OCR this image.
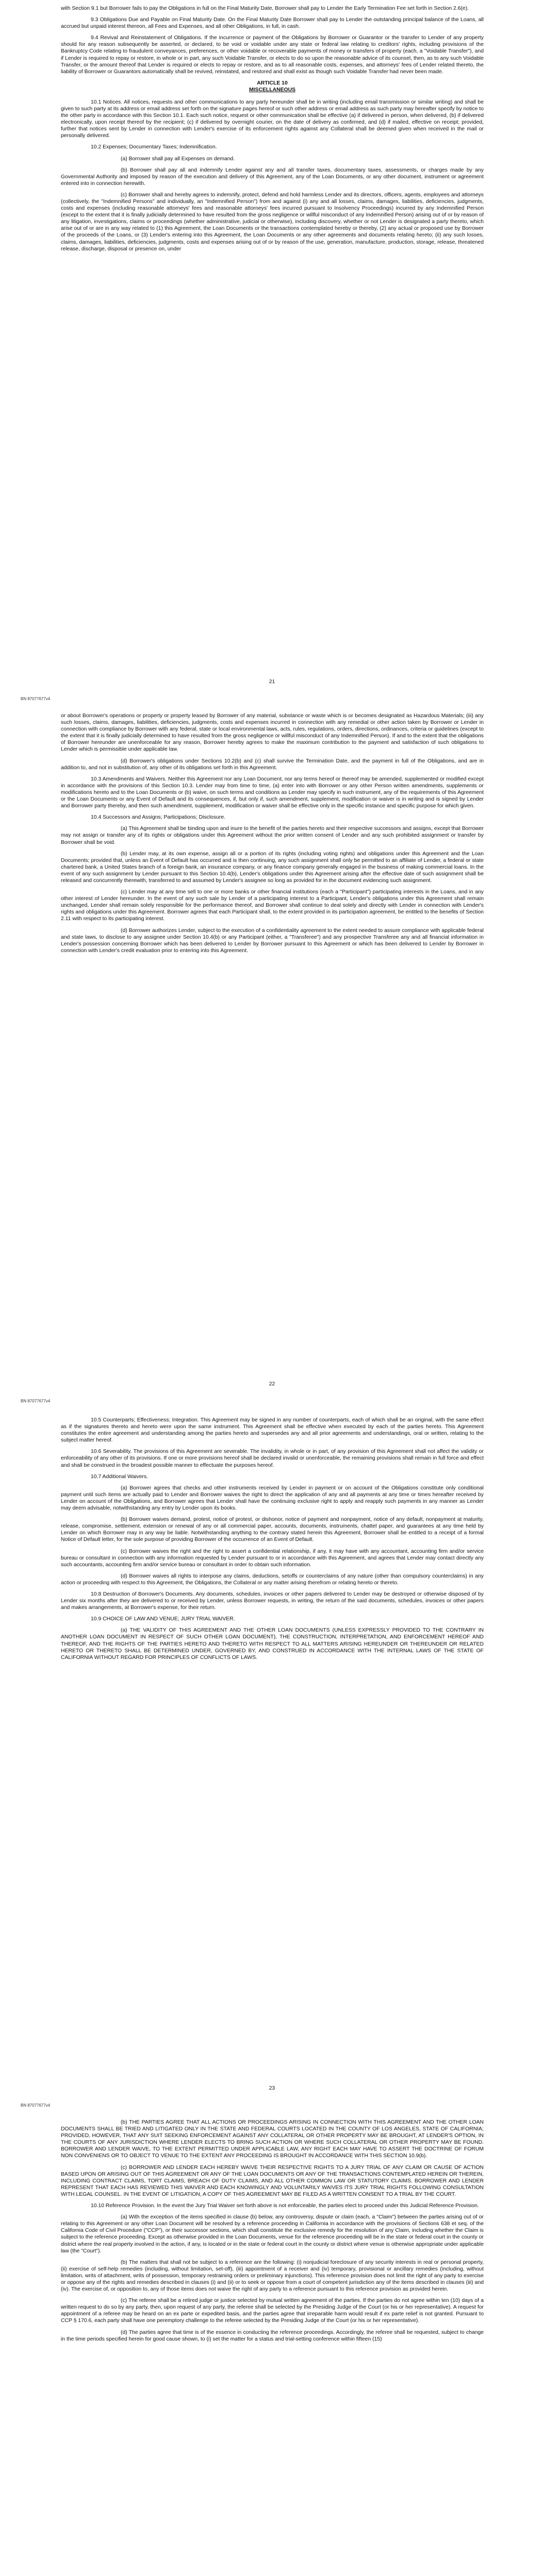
with Section 9.1 but Borrower fails to pay the Obligations in full on the Final Maturity Date, Borrower shall pay to Lender the Early Termination Fee set forth in Section 2.6(e).

9.3 Obligations Due and Payable on Final Maturity Date. On the Final Maturity Date Borrower shall pay to Lender the outstanding principal balance of the Loans, all accrued but unpaid interest thereon, all Fees and Expenses, and all other Obligations, in full, in cash.

9.4 Revival and Reinstatement of Obligations. If the incurrence or payment of the Obligations by Borrower or Guarantor or the transfer to Lender of any property should for any reason subsequently be asserted, or declared, to be void or voidable under any state or federal law relating to creditors' rights, including provisions of the Bankruptcy Code relating to fraudulent conveyances, preferences, or other voidable or recoverable payments of money or transfers of property (each, a "Voidable Transfer"), and if Lender is required to repay or restore, in whole or in part, any such Voidable Transfer, or elects to do so upon the reasonable advice of its counsel, then, as to any such Voidable Transfer, or the amount thereof that Lender is required or elects to repay or restore, and as to all reasonable costs, expenses, and attorneys' fees of Lender related thereto, the liability of Borrower or Guarantors automatically shall be revived, reinstated, and restored and shall exist as though such Voidable Transfer had never been made.

ARTICLE 10
MISCELLANEOUS

10.1 Notices. All notices, requests and other communications to any party hereunder shall be in writing (including email transmission or similar writing) and shall be given to such party at its address or email address set forth on the signature pages hereof or such other address or email address as such party may hereafter specify by notice to the other party in accordance with this Section 10.1. Each such notice, request or other communication shall be effective (a) if delivered in person, when delivered, (b) if delivered electronically, upon receipt thereof by the recipient; (c) if delivered by overnight courier, on the date of delivery as confirmed, and (d) if mailed, effective on receipt; provided, further that notices sent by Lender in connection with Lender's exercise of its enforcement rights against any Collateral shall be deemed given when received in the mail or personally delivered.

10.2 Expenses; Documentary Taxes; Indemnification.

(a) Borrower shall pay all Expenses on demand.

(b) Borrower shall pay all and indemnify Lender against any and all transfer taxes, documentary taxes, assessments, or charges made by any Governmental Authority and imposed by reason of the execution and delivery of this Agreement, any of the Loan Documents, or any other document, instrument or agreement entered into in connection herewith.

(c) Borrower shall and hereby agrees to indemnify, protect, defend and hold harmless Lender and its directors, officers, agents, employees and attorneys (collectively, the "Indemnified Persons" and individually, an "Indemnified Person") from and against (i) any and all losses, claims, damages, liabilities, deficiencies, judgments, costs and expenses (including reasonable attorneys' fees and reasonable attorneys' fees incurred pursuant to Insolvency Proceedings) incurred by any Indemnified Person (except to the extent that it is finally judicially determined to have resulted from the gross negligence or willful misconduct of any Indemnified Person) arising out of or by reason of any litigation, investigations, claims or proceedings (whether administrative, judicial or otherwise), including discovery, whether or not Lender is designated a party thereto, which arise out of or are in any way related to (1) this Agreement, the Loan Documents or the transactions contemplated hereby or thereby, (2) any actual or proposed use by Borrower of the proceeds of the Loans, or (3) Lender's entering into this Agreement, the Loan Documents or any other agreements and documents relating hereto; (ii) any such losses, claims, damages, liabilities, deficiencies, judgments, costs and expenses arising out of or by reason of the use, generation, manufacture, production, storage, release, threatened release, discharge, disposal or presence on, under

21
BN 87077677v4

or about Borrower's operations or property or property leased by Borrower of any material, substance or waste which is or becomes designated as Hazardous Materials; (iii) any such losses, claims, damages, liabilities, deficiencies, judgments, costs and expenses incurred in connection with any remedial or other action taken by Borrower or Lender in connection with compliance by Borrower with any federal, state or local environmental laws, acts, rules, regulations, orders, directions, ordinances, criteria or guidelines (except to the extent that it is finally judicially determined to have resulted from the gross negligence or willful misconduct of any Indemnified Person). If and to the extent that the obligations of Borrower hereunder are unenforceable for any reason, Borrower hereby agrees to make the maximum contribution to the payment and satisfaction of such obligations to Lender which is permissible under applicable law.

(d) Borrower's obligations under Sections 10.2(b) and (c) shall survive the Termination Date, and the payment in full of the Obligations, and are in addition to, and not in substitution of, any other of its obligations set forth in this Agreement.

10.3 Amendments and Waivers. Neither this Agreement nor any Loan Document, nor any terms hereof or thereof may be amended, supplemented or modified except in accordance with the provisions of this Section 10.3. Lender may from time to time, (a) enter into with Borrower or any other Person written amendments, supplements or modifications hereto and to the Loan Documents or (b) waive, on such terms and conditions as Lender may specify in such instrument, any of the requirements of this Agreement or the Loan Documents or any Event of Default and its consequences, if, but only if, such amendment, supplement, modification or waiver is in writing and is signed by Lender and Borrower party thereby, and then such amendment, supplement, modification or waiver shall be effective only in the specific instance and specific purpose for which given.

10.4 Successors and Assigns; Participations; Disclosure.

(a) This Agreement shall be binding upon and inure to the benefit of the parties hereto and their respective successors and assigns, except that Borrower may not assign or transfer any of its rights or obligations under this Agreement without the prior written consent of Lender and any such prohibited assignment or transfer by Borrower shall be void.

(b) Lender may, at its own expense, assign all or a portion of its rights (including voting rights) and obligations under this Agreement and the Loan Documents; provided that, unless an Event of Default has occurred and is then continuing, any such assignment shall only be permitted to an affiliate of Lender, a federal or state chartered bank, a United States branch of a foreign bank, an insurance company, or any finance company generally engaged in the business of making commercial loans. In the event of any such assignment by Lender pursuant to this Section 10.4(b), Lender's obligations under this Agreement arising after the effective date of such assignment shall be released and concurrently therewith, transferred to and assumed by Lender's assignee so long as provided for in the document evidencing such assignment.

(c) Lender may at any time sell to one or more banks or other financial institutions (each a "Participant") participating interests in the Loans, and in any other interest of Lender hereunder. In the event of any such sale by Lender of a participating interest to a Participant, Lender's obligations under this Agreement shall remain unchanged, Lender shall remain solely responsible for the performance thereof, and Borrower shall continue to deal solely and directly with Lender in connection with Lender's rights and obligations under this Agreement. Borrower agrees that each Participant shall, to the extent provided in its participation agreement, be entitled to the benefits of Section 2.11 with respect to its participating interest.

(d) Borrower authorizes Lender, subject to the execution of a confidentiality agreement to the extent needed to assure compliance with applicable federal and state laws, to disclose to any assignee under Section 10.4(b) or any Participant (either, a "Transferee") and any prospective Transferee any and all financial information in Lender's possession concerning Borrower which has been delivered to Lender by Borrower pursuant to this Agreement or which has been delivered to Lender by Borrower in connection with Lender's credit evaluation prior to entering into this Agreement.

22
BN 87077677v4

10.5 Counterparts; Effectiveness; Integration. This Agreement may be signed in any number of counterparts, each of which shall be an original, with the same effect as if the signatures thereto and hereto were upon the same instrument. This Agreement shall be effective when executed by each of the parties hereto. This Agreement constitutes the entire agreement and understanding among the parties hereto and supersedes any and all prior agreements and understandings, oral or written, relating to the subject matter hereof.

10.6 Severability. The provisions of this Agreement are severable. The invalidity, in whole or in part, of any provision of this Agreement shall not affect the validity or enforceability of any other of its provisions. If one or more provisions hereof shall be declared invalid or unenforceable, the remaining provisions shall remain in full force and effect and shall be construed in the broadest possible manner to effectuate the purposes hereof.

10.7 Additional Waivers.

(a) Borrower agrees that checks and other instruments received by Lender in payment or on account of the Obligations constitute only conditional payment until such items are actually paid to Lender and Borrower waives the right to direct the application of any and all payments at any time or times hereafter received by Lender on account of the Obligations, and Borrower agrees that Lender shall have the continuing exclusive right to apply and reapply such payments in any manner as Lender may deem advisable, notwithstanding any entry by Lender upon its books.

(b) Borrower waives demand, protest, notice of protest, or dishonor, notice of payment and nonpayment, notice of any default, nonpayment at maturity, release, compromise, settlement, extension or renewal of any or all commercial paper, accounts, documents, instruments, chattel paper, and guarantees at any time held by Lender on which Borrower may in any way be liable. Notwithstanding anything to the contrary stated herein this Agreement, Borrower shall be entitled to a receipt of a formal Notice of Default letter, for the sole purpose of providing Borrower of the occurrence of an Event of Default.

(c) Borrower waives the right and the right to assert a confidential relationship, if any, it may have with any accountant, accounting firm and/or service bureau or consultant in connection with any information requested by Lender pursuant to or in accordance with this Agreement, and agrees that Lender may contact directly any such accountants, accounting firm and/or service bureau or consultant in order to obtain such information.

(d) Borrower waives all rights to interpose any claims, deductions, setoffs or counterclaims of any nature (other than compulsory counterclaims) in any action or proceeding with respect to this Agreement, the Obligations, the Collateral or any matter arising therefrom or relating hereto or thereto.

10.8 Destruction of Borrower's Documents. Any documents, schedules, invoices or other papers delivered to Lender may be destroyed or otherwise disposed of by Lender six months after they are delivered to or received by Lender, unless Borrower requests, in writing, the return of the said documents, schedules, invoices or other papers and makes arrangements, at Borrower's expense, for their return.

10.9 CHOICE OF LAW AND VENUE; JURY TRIAL WAIVER.

(a) THE VALIDITY OF THIS AGREEMENT AND THE OTHER LOAN DOCUMENTS (UNLESS EXPRESSLY PROVIDED TO THE CONTRARY IN ANOTHER LOAN DOCUMENT IN RESPECT OF SUCH OTHER LOAN DOCUMENT), THE CONSTRUCTION, INTERPRETATION, AND ENFORCEMENT HEREOF AND THEREOF, AND THE RIGHTS OF THE PARTIES HERETO AND THERETO WITH RESPECT TO ALL MATTERS ARISING HEREUNDER OR THEREUNDER OR RELATED HERETO OR THERETO SHALL BE DETERMINED UNDER, GOVERNED BY, AND CONSTRUED IN ACCORDANCE WITH THE INTERNAL LAWS OF THE STATE OF CALIFORNIA WITHOUT REGARD FOR PRINCIPLES OF CONFLICTS OF LAWS.

23
BN 87077677v4

(b) THE PARTIES AGREE THAT ALL ACTIONS OR PROCEEDINGS ARISING IN CONNECTION WITH THIS AGREEMENT AND THE OTHER LOAN DOCUMENTS SHALL BE TRIED AND LITIGATED ONLY IN THE STATE AND FEDERAL COURTS LOCATED IN THE COUNTY OF LOS ANGELES, STATE OF CALIFORNIA; PROVIDED, HOWEVER, THAT ANY SUIT SEEKING ENFORCEMENT AGAINST ANY COLLATERAL OR OTHER PROPERTY MAY BE BROUGHT, AT LENDER'S OPTION, IN THE COURTS OF ANY JURISDICTION WHERE LENDER ELECTS TO BRING SUCH ACTION OR WHERE SUCH COLLATERAL OR OTHER PROPERTY MAY BE FOUND. BORROWER AND LENDER WAIVE, TO THE EXTENT PERMITTED UNDER APPLICABLE LAW, ANY RIGHT EACH MAY HAVE TO ASSERT THE DOCTRINE OF FORUM NON CONVENIENS OR TO OBJECT TO VENUE TO THE EXTENT ANY PROCEEDING IS BROUGHT IN ACCORDANCE WITH THIS SECTION 10.9(b).

(c) BORROWER AND LENDER EACH HEREBY WAIVE THEIR RESPECTIVE RIGHTS TO A JURY TRIAL OF ANY CLAIM OR CAUSE OF ACTION BASED UPON OR ARISING OUT OF THIS AGREEMENT OR ANY OF THE LOAN DOCUMENTS OR ANY OF THE TRANSACTIONS CONTEMPLATED HEREIN OR THEREIN, INCLUDING CONTRACT CLAIMS, TORT CLAIMS, BREACH OF DUTY CLAIMS, AND ALL OTHER COMMON LAW OR STATUTORY CLAIMS. BORROWER AND LENDER REPRESENT THAT EACH HAS REVIEWED THIS WAIVER AND EACH KNOWINGLY AND VOLUNTARILY WAIVES ITS JURY TRIAL RIGHTS FOLLOWING CONSULTATION WITH LEGAL COUNSEL. IN THE EVENT OF LITIGATION, A COPY OF THIS AGREEMENT MAY BE FILED AS A WRITTEN CONSENT TO A TRIAL BY THE COURT.

10.10 Reference Provision. In the event the Jury Trial Waiver set forth above is not enforceable, the parties elect to proceed under this Judicial Reference Provision.

(a) With the exception of the items specified in clause (b) below, any controversy, dispute or claim (each, a "Claim") between the parties arising out of or relating to this Agreement or any other Loan Document will be resolved by a reference proceeding in California in accordance with the provisions of Sections 638 et seq. of the California Code of Civil Procedure ("CCP"), or their successor sections, which shall constitute the exclusive remedy for the resolution of any Claim, including whether the Claim is subject to the reference proceeding. Except as otherwise provided in the Loan Documents, venue for the reference proceeding will be in the state or federal court in the county or district where the real property involved in the action, if any, is located or in the state or federal court in the county or district where venue is otherwise appropriate under applicable law (the "Court").

(b) The matters that shall not be subject to a reference are the following: (i) nonjudicial foreclosure of any security interests in real or personal property, (ii) exercise of self-help remedies (including, without limitation, set-off), (iii) appointment of a receiver and (iv) temporary, provisional or ancillary remedies (including, without limitation, writs of attachment, writs of possession, temporary restraining orders or preliminary injunctions). This reference provision does not limit the right of any party to exercise or oppose any of the rights and remedies described in clauses (i) and (ii) or to seek or oppose from a court of competent jurisdiction any of the items described in clauses (iii) and (iv). The exercise of, or opposition to, any of those items does not waive the right of any party to a reference pursuant to this reference provision as provided herein.

(c) The referee shall be a retired judge or justice selected by mutual written agreement of the parties. If the parties do not agree within ten (10) days of a written request to do so by any party, then, upon request of any party, the referee shall be selected by the Presiding Judge of the Court (or his or her representative). A request for appointment of a referee may be heard on an ex parte or expedited basis, and the parties agree that irreparable harm would result if ex parte relief is not granted. Pursuant to CCP § 170.6, each party shall have one peremptory challenge to the referee selected by the Presiding Judge of the Court (or his or her representative).

(d) The parties agree that time is of the essence in conducting the reference proceedings. Accordingly, the referee shall be requested, subject to change in the time periods specified herein for good cause shown, to (i) set the matter for a status and trial-setting conference within fifteen (15)
